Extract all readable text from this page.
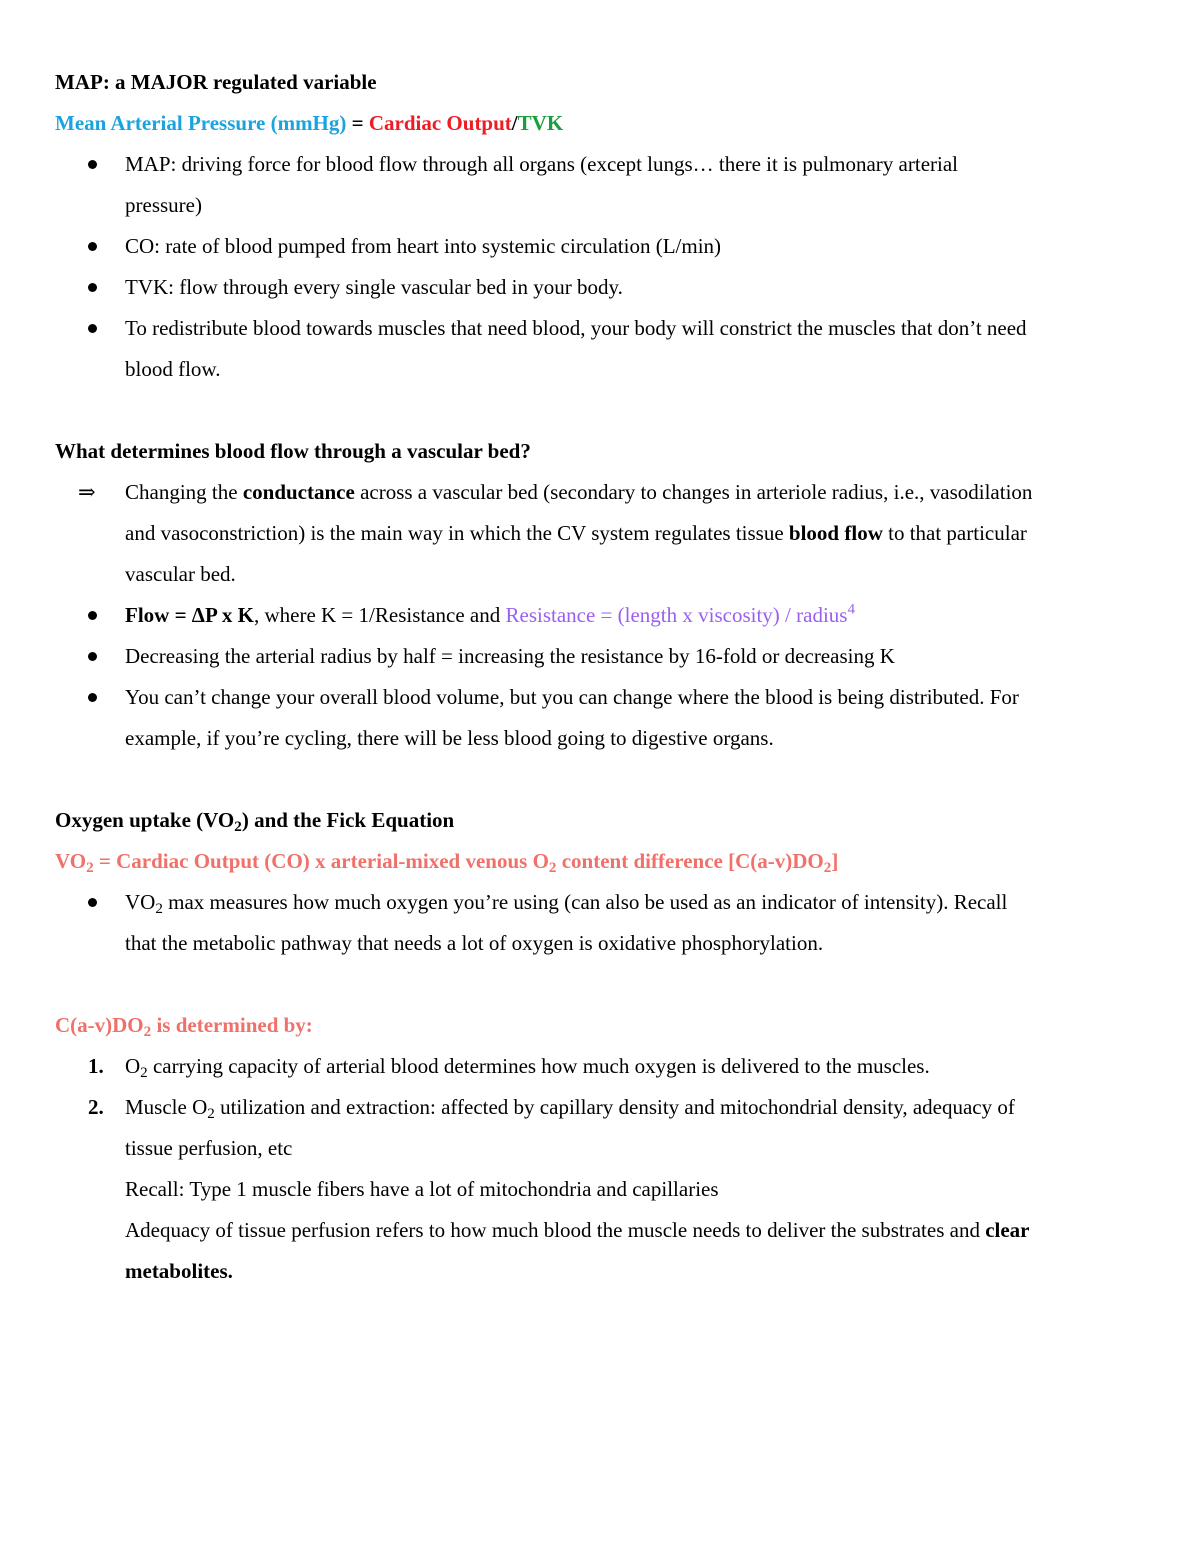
MAP: a MAJOR regulated variable
Mean Arterial Pressure (mmHg) = Cardiac Output/TVK
MAP: driving force for blood flow through all organs (except lungs… there it is pulmonary arterial
pressure)
CO: rate of blood pumped from heart into systemic circulation (L/min)
TVK: flow through every single vascular bed in your body.
To redistribute blood towards muscles that need blood, your body will constrict the muscles that don’t need
blood flow.
What determines blood flow through a vascular bed?
⇒ Changing the conductance across a vascular bed (secondary to changes in arteriole radius, i.e., vasodilation
and vasoconstriction) is the main way in which the CV system regulates tissue blood flow to that particular
vascular bed.
Flow = ΔP x K, where K = 1/Resistance and Resistance = (length x viscosity) / radius$^4$
Decreasing the arterial radius by half = increasing the resistance by 16-fold or decreasing K
You can’t change your overall blood volume, but you can change where the blood is being distributed. For
example, if you’re cycling, there will be less blood going to digestive organs.
Oxygen uptake $(VO_2)$ and the Fick Equation
$VO_2$ = Cardiac Output (CO) x arterial-mixed venous $O_2$ content difference $[C(a-v)DO_2]$
$VO_2$ max measures how much oxygen you’re using (can also be used as an indicator of intensity). Recall
that the metabolic pathway that needs a lot of oxygen is oxidative phosphorylation.
$C(a-v)DO_2$ is determined by:
1. $O_2$ carrying capacity of arterial blood determines how much oxygen is delivered to the muscles.
2. Muscle $O_2$ utilization and extraction: affected by capillary density and mitochondrial density, adequacy of
tissue perfusion, etc
Recall: Type 1 muscle fibers have a lot of mitochondria and capillaries
Adequacy of tissue perfusion refers to how much blood the muscle needs to deliver the substrates and clear
metabolites.
